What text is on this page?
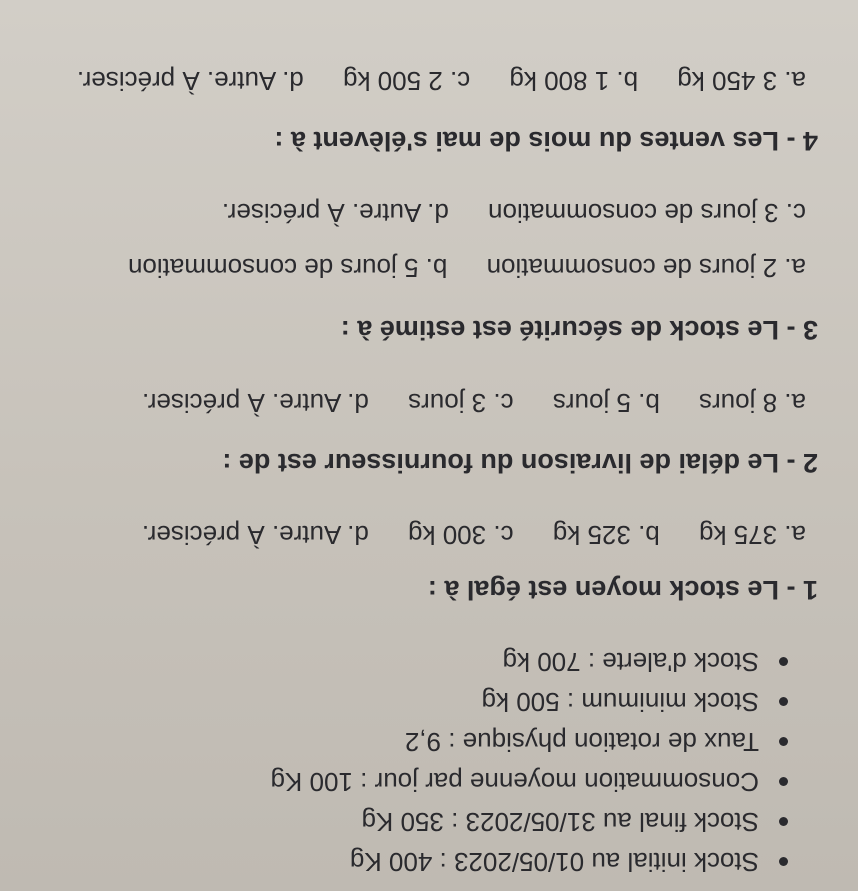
Stock initial au 01/05/2023 : 400 Kg
Stock final au 31/05/2023 : 350 Kg
Consommation moyenne par jour : 100 Kg
Taux de rotation physique : 9,2
Stock minimum : 500 kg
Stock d'alerte : 700 kg
1 - Le stock moyen est égal à :
a. 375 kg b. 325 kg c. 300 kg d. Autre. À préciser.
2 - Le délai de livraison du fournisseur est de :
a. 8 jours b. 5 jours c. 3 jours d. Autre. À préciser.
3 - Le stock de sécurité est estimé à :
a. 2 jours de consommation b. 5 jours de consommation
c. 3 jours de consommation d. Autre. À préciser.
4 - Les ventes du mois de mai s'élèvent à :
a. 3 450 kg b. 1 800 kg c. 2 500 kg d. Autre. À préciser.
